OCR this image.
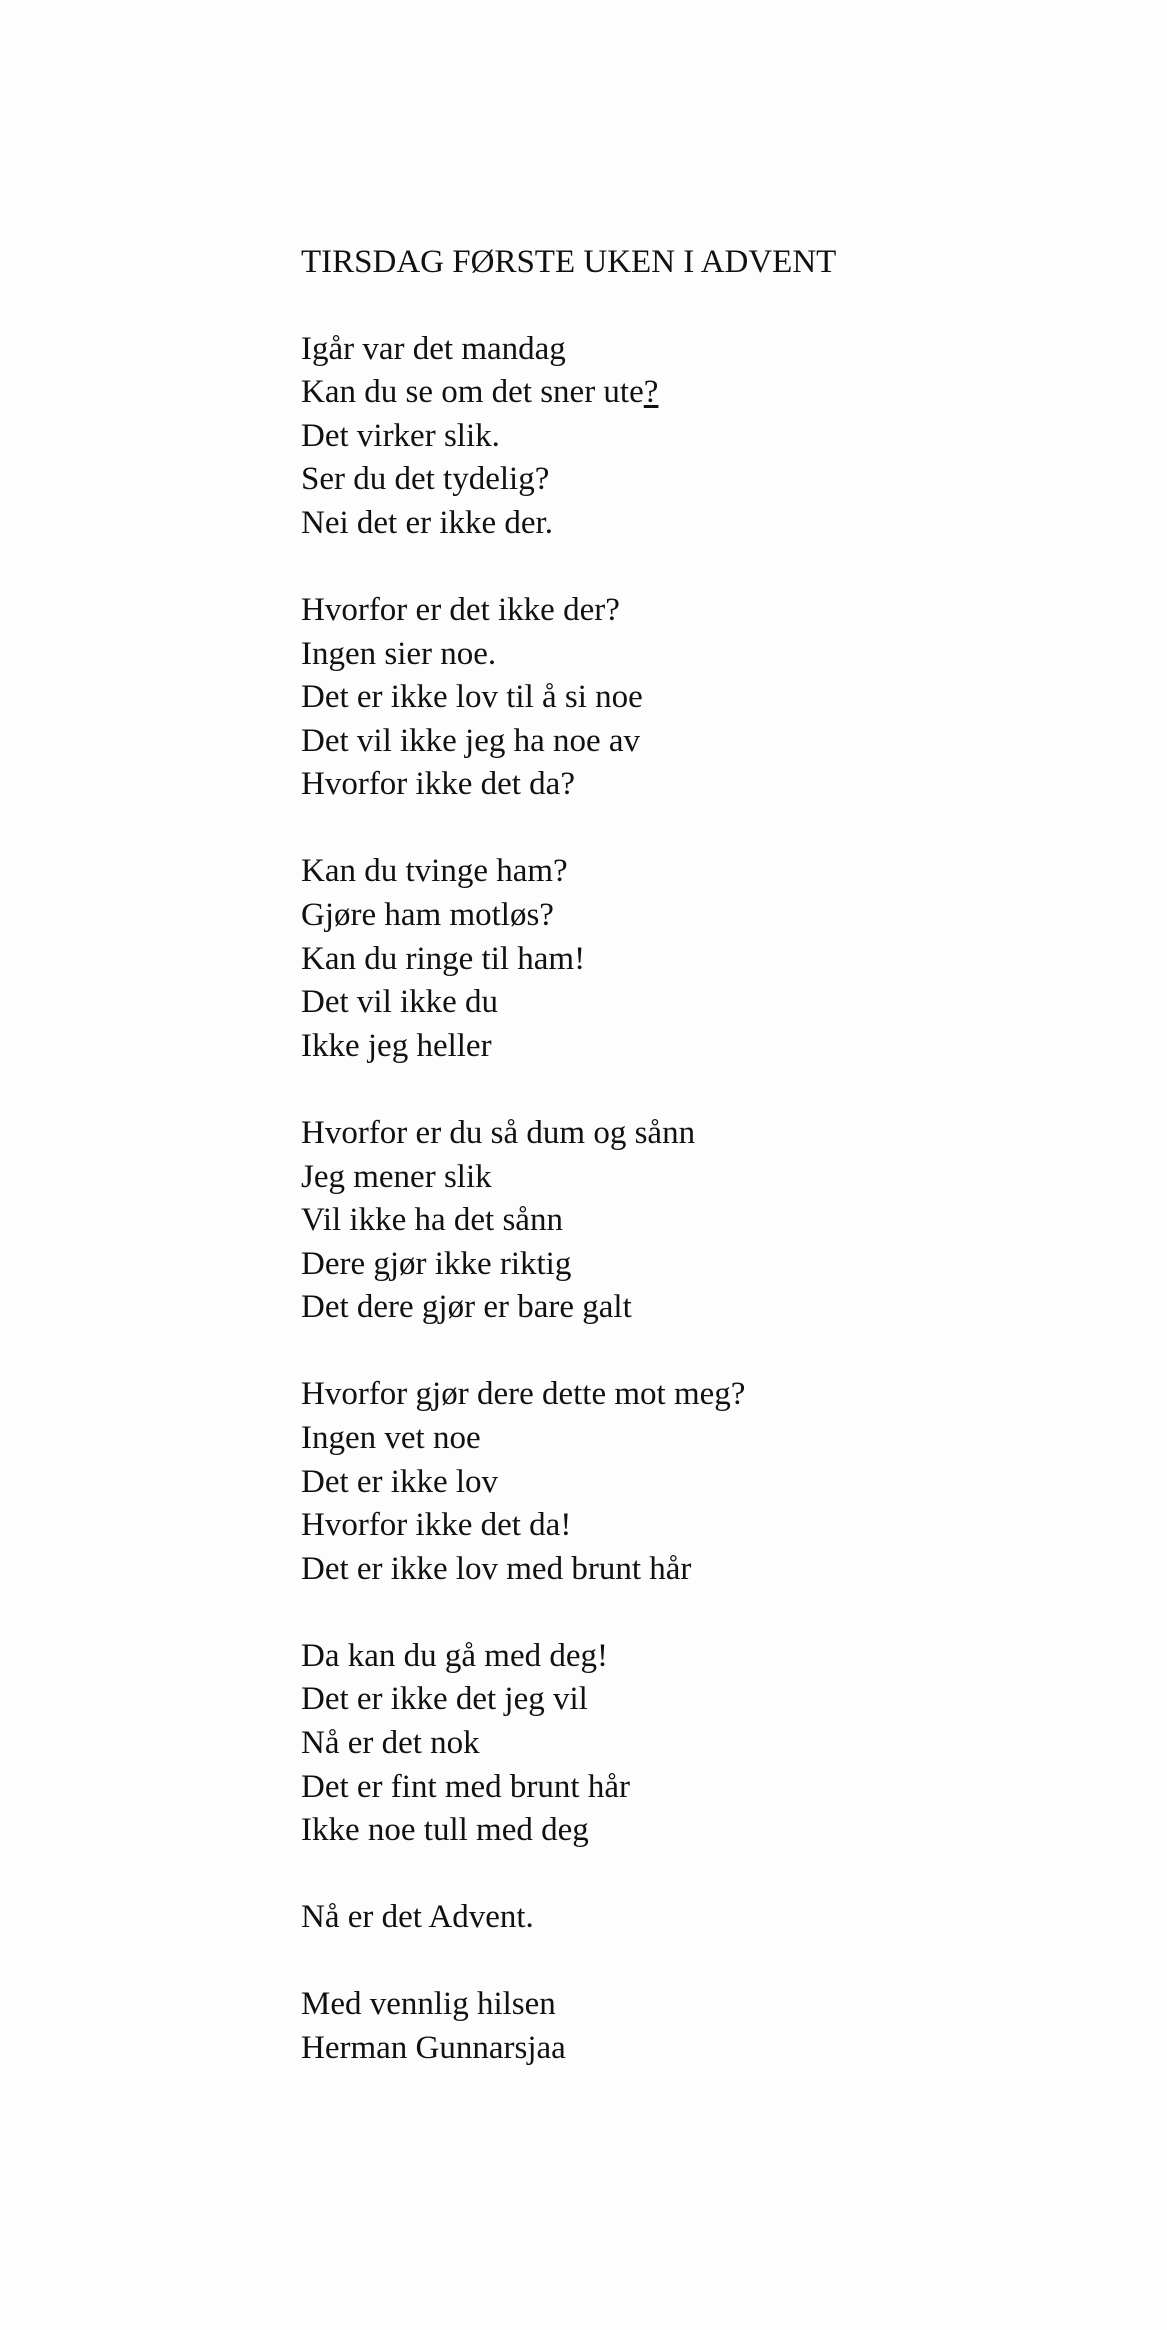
TIRSDAG FØRSTE UKEN I ADVENT
Igår var det mandag
Kan du se om det sner ute?
Det virker slik.
Ser du det tydelig?
Nei det er ikke der.
Hvorfor er det ikke der?
Ingen sier noe.
Det er ikke lov til å si noe
Det vil ikke jeg ha noe av
Hvorfor ikke det da?
Kan du tvinge ham?
Gjøre ham motløs?
Kan du ringe til ham!
Det vil ikke du
Ikke jeg heller
Hvorfor er du så dum og sånn
Jeg mener slik
Vil ikke ha det sånn
Dere gjør ikke riktig
Det dere gjør er bare galt
Hvorfor gjør dere dette mot meg?
Ingen vet noe
Det er ikke lov
Hvorfor ikke det da!
Det er ikke lov med brunt hår
Da kan du gå med deg!
Det er ikke det jeg vil
Nå er det nok
Det er fint med brunt hår
Ikke noe tull med deg
Nå er det Advent.
Med vennlig hilsen
Herman Gunnarsjaa
